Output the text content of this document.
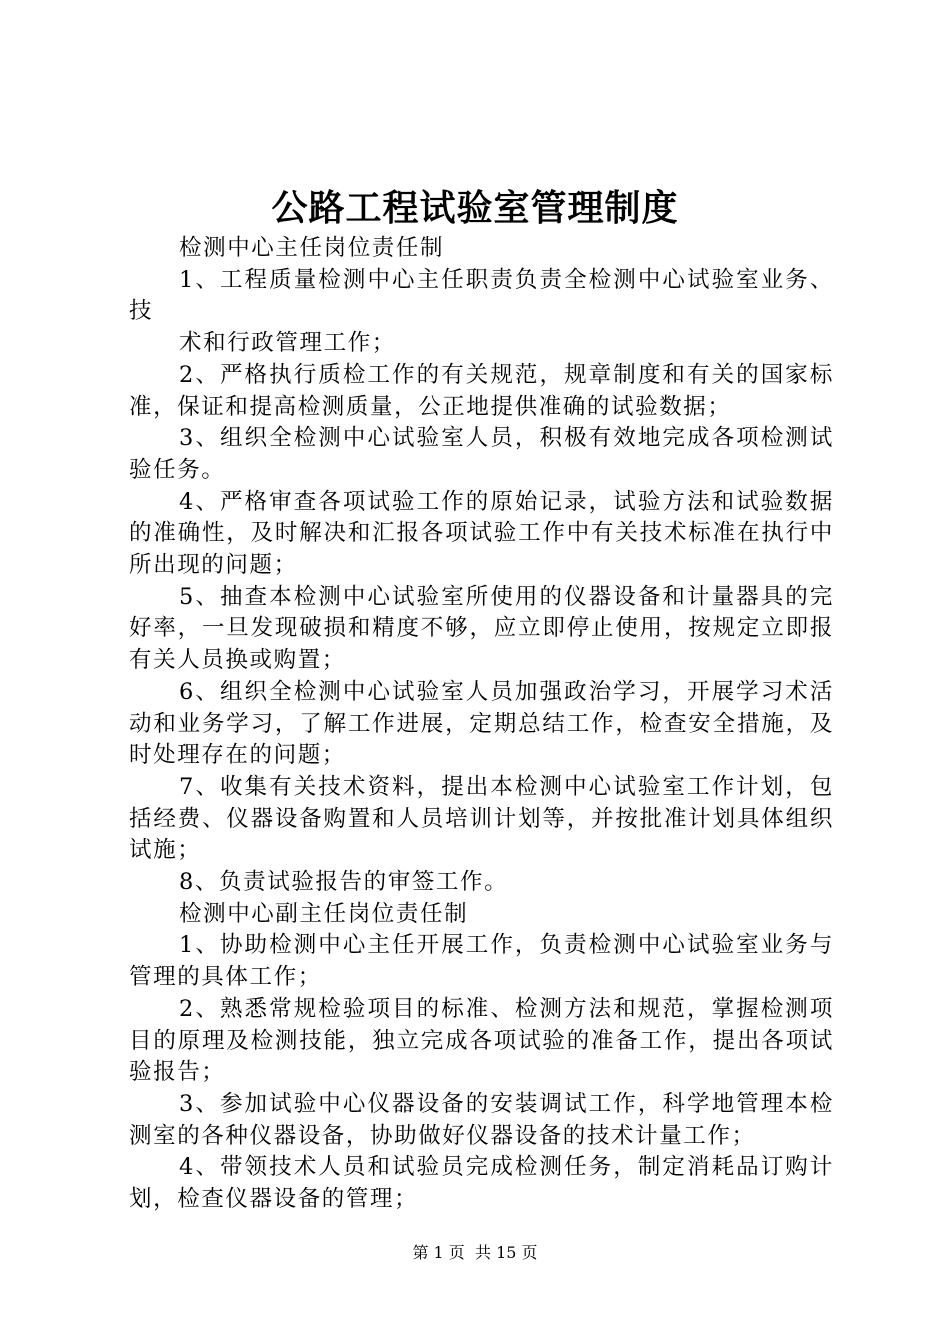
公路工程试验室管理制度

检测中心主任岗位责任制

1、工程质量检测中心主任职责负责全检测中心试验室业务、技

术和行政管理工作；

2、严格执行质检工作的有关规范，规章制度和有关的国家标准，保证和提高检测质量，公正地提供准确的试验数据；

3、组织全检测中心试验室人员，积极有效地完成各项检测试验任务。

4、严格审查各项试验工作的原始记录，试验方法和试验数据的准确性，及时解决和汇报各项试验工作中有关技术标准在执行中所出现的问题；

5、抽查本检测中心试验室所使用的仪器设备和计量器具的完好率，一旦发现破损和精度不够，应立即停止使用，按规定立即报有关人员换或购置；

6、组织全检测中心试验室人员加强政治学习，开展学习术活动和业务学习，了解工作进展，定期总结工作，检查安全措施，及时处理存在的问题；

7、收集有关技术资料，提出本检测中心试验室工作计划，包括经费、仪器设备购置和人员培训计划等，并按批准计划具体组织试施；

8、负责试验报告的审签工作。

检测中心副主任岗位责任制

1、协助检测中心主任开展工作，负责检测中心试验室业务与管理的具体工作；

2、熟悉常规检验项目的标准、检测方法和规范，掌握检测项目的原理及检测技能，独立完成各项试验的准备工作，提出各项试验报告；

3、参加试验中心仪器设备的安装调试工作，科学地管理本检测室的各种仪器设备，协助做好仪器设备的技术计量工作；

4、带领技术人员和试验员完成检测任务，制定消耗品订购计划，检查仪器设备的管理；

第 1 页 共 15 页
